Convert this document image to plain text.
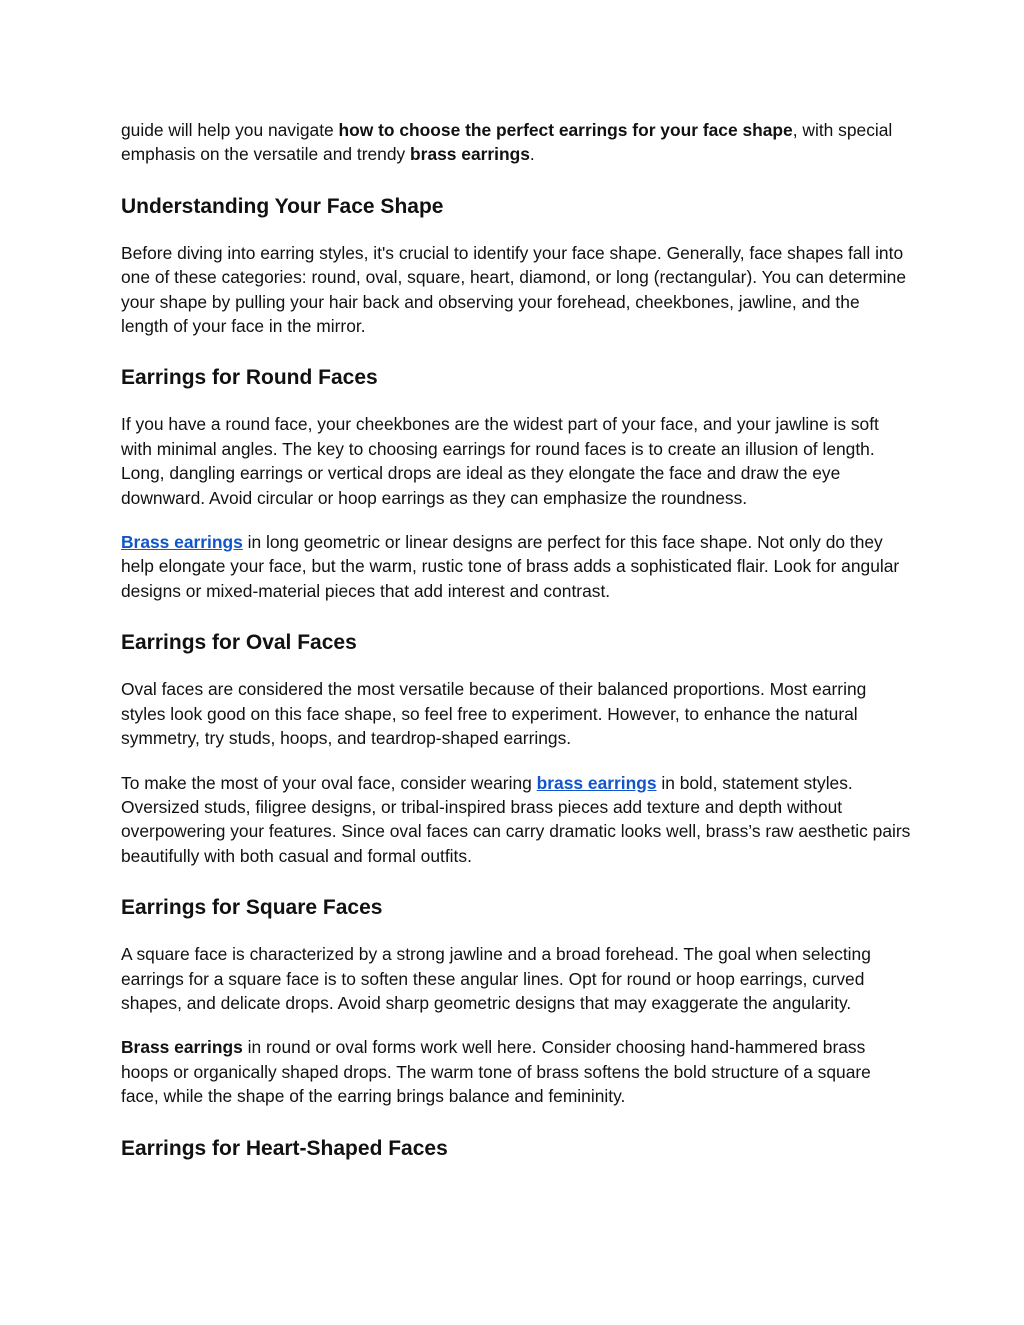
guide will help you navigate how to choose the perfect earrings for your face shape, with special emphasis on the versatile and trendy brass earrings.

Understanding Your Face Shape

Before diving into earring styles, it's crucial to identify your face shape. Generally, face shapes fall into one of these categories: round, oval, square, heart, diamond, or long (rectangular). You can determine your shape by pulling your hair back and observing your forehead, cheekbones, jawline, and the length of your face in the mirror.

Earrings for Round Faces

If you have a round face, your cheekbones are the widest part of your face, and your jawline is soft with minimal angles. The key to choosing earrings for round faces is to create an illusion of length. Long, dangling earrings or vertical drops are ideal as they elongate the face and draw the eye downward. Avoid circular or hoop earrings as they can emphasize the roundness.

Brass earrings in long geometric or linear designs are perfect for this face shape. Not only do they help elongate your face, but the warm, rustic tone of brass adds a sophisticated flair. Look for angular designs or mixed-material pieces that add interest and contrast.

Earrings for Oval Faces

Oval faces are considered the most versatile because of their balanced proportions. Most earring styles look good on this face shape, so feel free to experiment. However, to enhance the natural symmetry, try studs, hoops, and teardrop-shaped earrings.

To make the most of your oval face, consider wearing brass earrings in bold, statement styles. Oversized studs, filigree designs, or tribal-inspired brass pieces add texture and depth without overpowering your features. Since oval faces can carry dramatic looks well, brass’s raw aesthetic pairs beautifully with both casual and formal outfits.

Earrings for Square Faces

A square face is characterized by a strong jawline and a broad forehead. The goal when selecting earrings for a square face is to soften these angular lines. Opt for round or hoop earrings, curved shapes, and delicate drops. Avoid sharp geometric designs that may exaggerate the angularity.

Brass earrings in round or oval forms work well here. Consider choosing hand-hammered brass hoops or organically shaped drops. The warm tone of brass softens the bold structure of a square face, while the shape of the earring brings balance and femininity.

Earrings for Heart-Shaped Faces
